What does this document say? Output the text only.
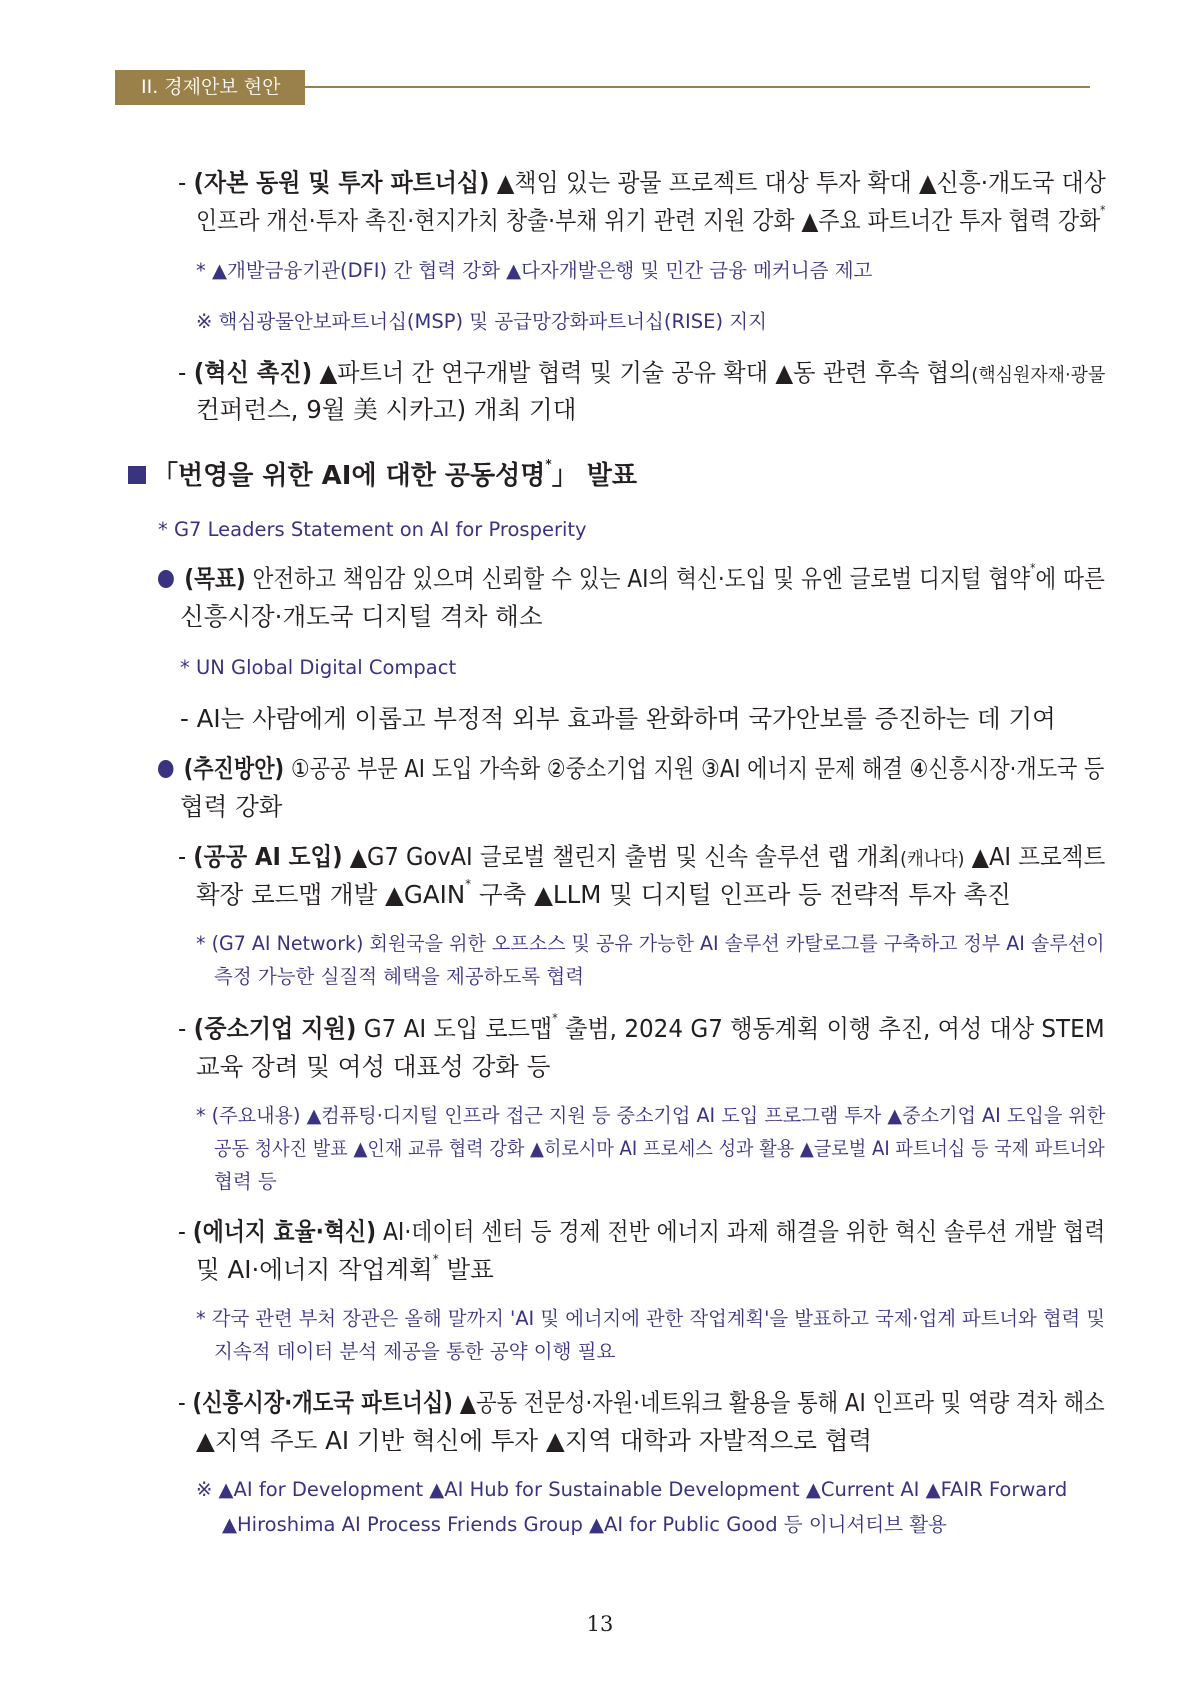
II. 경제안보 현안
- (자본 동원 및 투자 파트너십) ▲책임 있는 광물 프로젝트 대상 투자 확대 ▲신흥·개도국 대상
인프라 개선·투자 촉진·현지가치 창출·부채 위기 관련 지원 강화 ▲주요 파트너간 투자 협력 강화*
* ▲개발금융기관(DFI) 간 협력 강화 ▲다자개발은행 및 민간 금융 메커니즘 제고
※ 핵심광물안보파트너십(MSP) 및 공급망강화파트너십(RISE) 지지
- (혁신 촉진) ▲파트너 간 연구개발 협력 및 기술 공유 확대 ▲동 관련 후속 협의(핵심원자재·광물
컨퍼런스, 9월 美 시카고) 개최 기대
「번영을 위한 AI에 대한 공동성명*」 발표
* G7 Leaders Statement on AI for Prosperity
(목표) 안전하고 책임감 있으며 신뢰할 수 있는 AI의 혁신·도입 및 유엔 글로벌 디지털 협약*에 따른
신흥시장·개도국 디지털 격차 해소
* UN Global Digital Compact
- AI는 사람에게 이롭고 부정적 외부 효과를 완화하며 국가안보를 증진하는 데 기여
(추진방안) ①공공 부문 AI 도입 가속화 ②중소기업 지원 ③AI 에너지 문제 해결 ④신흥시장·개도국 등
협력 강화
- (공공 AI 도입) ▲G7 GovAI 글로벌 챌린지 출범 및 신속 솔루션 랩 개최(캐나다) ▲AI 프로젝트
확장 로드맵 개발 ▲GAIN* 구축 ▲LLM 및 디지털 인프라 등 전략적 투자 촉진
* (G7 AI Network) 회원국을 위한 오프소스 및 공유 가능한 AI 솔루션 카탈로그를 구축하고 정부 AI 솔루션이
측정 가능한 실질적 혜택을 제공하도록 협력
- (중소기업 지원) G7 AI 도입 로드맵* 출범, 2024 G7 행동계획 이행 추진, 여성 대상 STEM
교육 장려 및 여성 대표성 강화 등
* (주요내용) ▲컴퓨팅·디지털 인프라 접근 지원 등 중소기업 AI 도입 프로그램 투자 ▲중소기업 AI 도입을 위한
공동 청사진 발표 ▲인재 교류 협력 강화 ▲히로시마 AI 프로세스 성과 활용 ▲글로벌 AI 파트너십 등 국제 파트너와
협력 등
- (에너지 효율·혁신) AI·데이터 센터 등 경제 전반 에너지 과제 해결을 위한 혁신 솔루션 개발 협력
및 AI·에너지 작업계획* 발표
* 각국 관련 부처 장관은 올해 말까지 'AI 및 에너지에 관한 작업계획'을 발표하고 국제·업계 파트너와 협력 및
지속적 데이터 분석 제공을 통한 공약 이행 필요
- (신흥시장·개도국 파트너십) ▲공동 전문성·자원·네트워크 활용을 통해 AI 인프라 및 역량 격차 해소
▲지역 주도 AI 기반 혁신에 투자 ▲지역 대학과 자발적으로 협력
※ ▲AI for Development ▲AI Hub for Sustainable Development ▲Current AI ▲FAIR Forward
▲Hiroshima AI Process Friends Group ▲AI for Public Good 등 이니셔티브 활용
13
